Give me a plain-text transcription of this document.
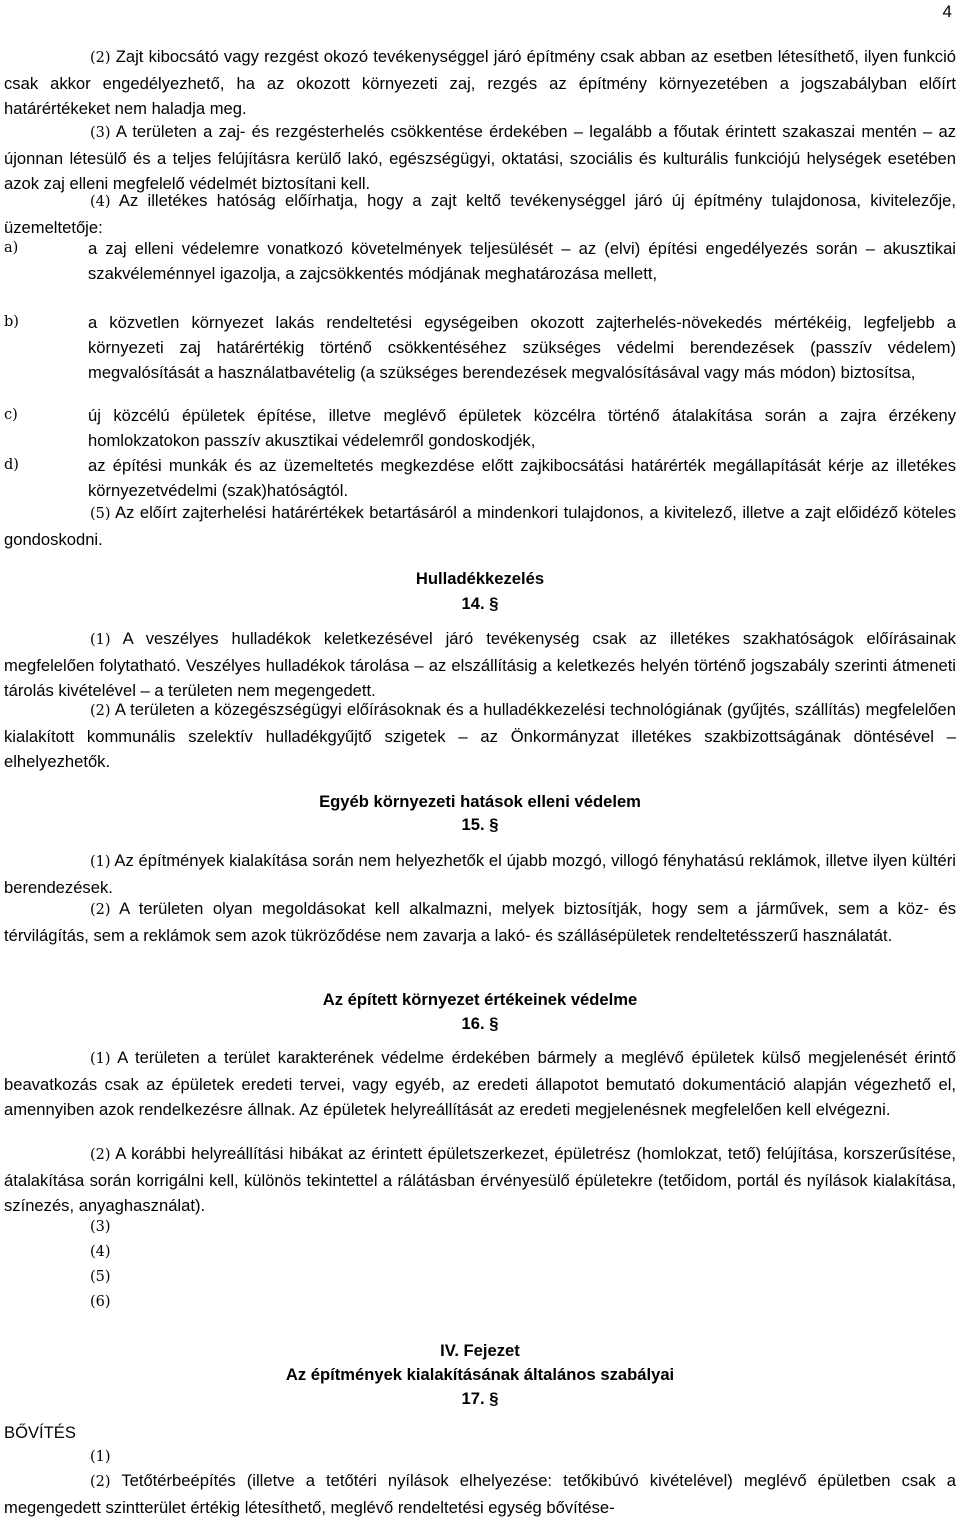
4
(2) Zajt kibocsátó vagy rezgést okozó tevékenységgel járó építmény csak abban az esetben létesíthető, ilyen funkció csak akkor engedélyezhető, ha az okozott környezeti zaj, rezgés az építmény környezetében a jogszabályban előírt határértékeket nem haladja meg.
(3) A területen a zaj- és rezgésterhelés csökkentése érdekében – legalább a főutak érintett szakaszai mentén – az újonnan létesülő és a teljes felújításra kerülő lakó, egészségügyi, oktatási, szociális és kulturális funkciójú helységek esetében azok zaj elleni megfelelő védelmét biztosítani kell.
(4) Az illetékes hatóság előírhatja, hogy a zajt keltő tevékenységgel járó új építmény tulajdonosa, kivitelezője, üzemeltetője:
a)	a zaj elleni védelemre vonatkozó követelmények teljesülését – az (elvi) építési engedélyezés során – akusztikai szakvéleménnyel igazolja, a zajcsökkentés módjának meghatározása mellett,
b)	a közvetlen környezet lakás rendeltetési egységeiben okozott zajterhelés-növekedés mértékéig, legfeljebb a környezeti zaj határértékig történő csökkentéséhez szükséges védelmi berendezések (passzív védelem) megvalósítását a használatbavételig (a szükséges berendezések megvalósításával vagy más módon) biztosítsa,
c)	új közcélú épületek építése, illetve meglévő épületek közcélra történő átalakítása során a zajra érzékeny homlokzatokon passzív akusztikai védelemről gondoskodjék,
d)	az építési munkák és az üzemeltetés megkezdése előtt zajkibocsátási határérték megállapítását kérje az illetékes környezetvédelmi (szak)hatóságtól.
(5) Az előírt zajterhelési határértékek betartásáról a mindenkori tulajdonos, a kivitelező, illetve a zajt előidéző köteles gondoskodni.
Hulladékkezelés
14. §
(1) A veszélyes hulladékok keletkezésével járó tevékenység csak az illetékes szakhatóságok előírásainak megfelelően folytatható. Veszélyes hulladékok tárolása – az elszállításig a keletkezés helyén történő jogszabály szerinti átmeneti tárolás kivételével – a területen nem megengedett.
(2) A területen a közegészségügyi előírásoknak és a hulladékkezelési technológiának (gyűjtés, szállítás) megfelelően kialakított kommunális szelektív hulladékgyűjtő szigetek – az Önkormányzat illetékes szakbizottságának döntésével – elhelyezhetők.
Egyéb környezeti hatások elleni védelem
15. §
(1) Az építmények kialakítása során nem helyezhetők el újabb mozgó, villogó fényhatású reklámok, illetve ilyen kültéri berendezések.
(2) A területen olyan megoldásokat kell alkalmazni, melyek biztosítják, hogy sem a járművek, sem a köz- és térvilágítás, sem a reklámok sem azok tükröződése nem zavarja a lakó- és szállásépületek rendeltetésszerű használatát.
Az épített környezet értékeinek védelme
16. §
(1) A területen a terület karakterének védelme érdekében bármely a meglévő épületek külső megjelenését érintő beavatkozás csak az épületek eredeti tervei, vagy egyéb, az eredeti állapotot bemutató dokumentáció alapján végezhető el, amennyiben azok rendelkezésre állnak. Az épületek helyreállítását az eredeti megjelenésnek megfelelően kell elvégezni.
(2) A korábbi helyreállítási hibákat az érintett épületszerkezet, épületrész (homlokzat, tető) felújítása, korszerűsítése, átalakítása során korrigálni kell, különös tekintettel a rálátásban érvényesülő épületekre (tetőidom, portál és nyílások kialakítása, színezés, anyaghasználat).
(3)
(4)
(5)
(6)
IV. Fejezet
Az építmények kialakításának általános szabályai
17. §
BŐVÍTÉS
(1)
(2) Tetőtérbeépítés (illetve a tetőtéri nyílások elhelyezése: tetőkibúvó kivételével) meglévő épületben csak a megengedett szintterület értékig létesíthető, meglévő rendeltetési egység bővítése-
